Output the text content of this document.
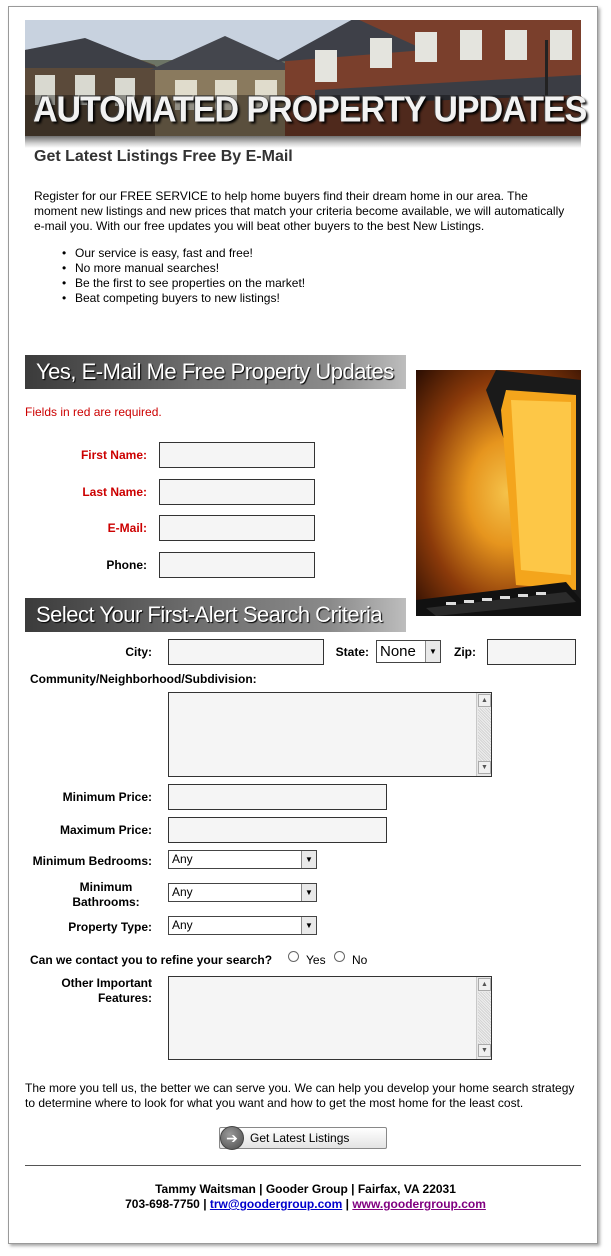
AUTOMATED PROPERTY UPDATES
Get Latest Listings Free By E-Mail
Register for our FREE SERVICE to help home buyers find their dream home in our area. The moment new listings and new prices that match your criteria become available, we will automatically e-mail you. With our free updates you will beat other buyers to the best New Listings.
• Our service is easy, fast and free!
• No more manual searches!
• Be the first to see properties on the market!
• Beat competing buyers to new listings!
Yes, E-Mail Me Free Property Updates
Fields in red are required.
First Name:
Last Name:
E-Mail:
Phone:
Select Your First-Alert Search Criteria
City:	State: None	▼	Zip:
Community/Neighborhood/Subdivision:
▲
▼
Minimum Price:
Maximum Price:
Minimum Bedrooms:	Any	▼
Minimum
Bathrooms:
Any	▼
Property Type:	Any	▼
Can we contact you to refine your search?	Yes No
Other Important
Features:
▲
▼
The more you tell us, the better we can serve you. We can help you develop your home search strategy to determine where to look for what you want and how to get the most home for the least cost.
➔	Get Latest Listings
Tammy Waitsman | Gooder Group | Fairfax, VA 22031
703-698-7750 | trw@goodergroup.com | www.goodergroup.com
